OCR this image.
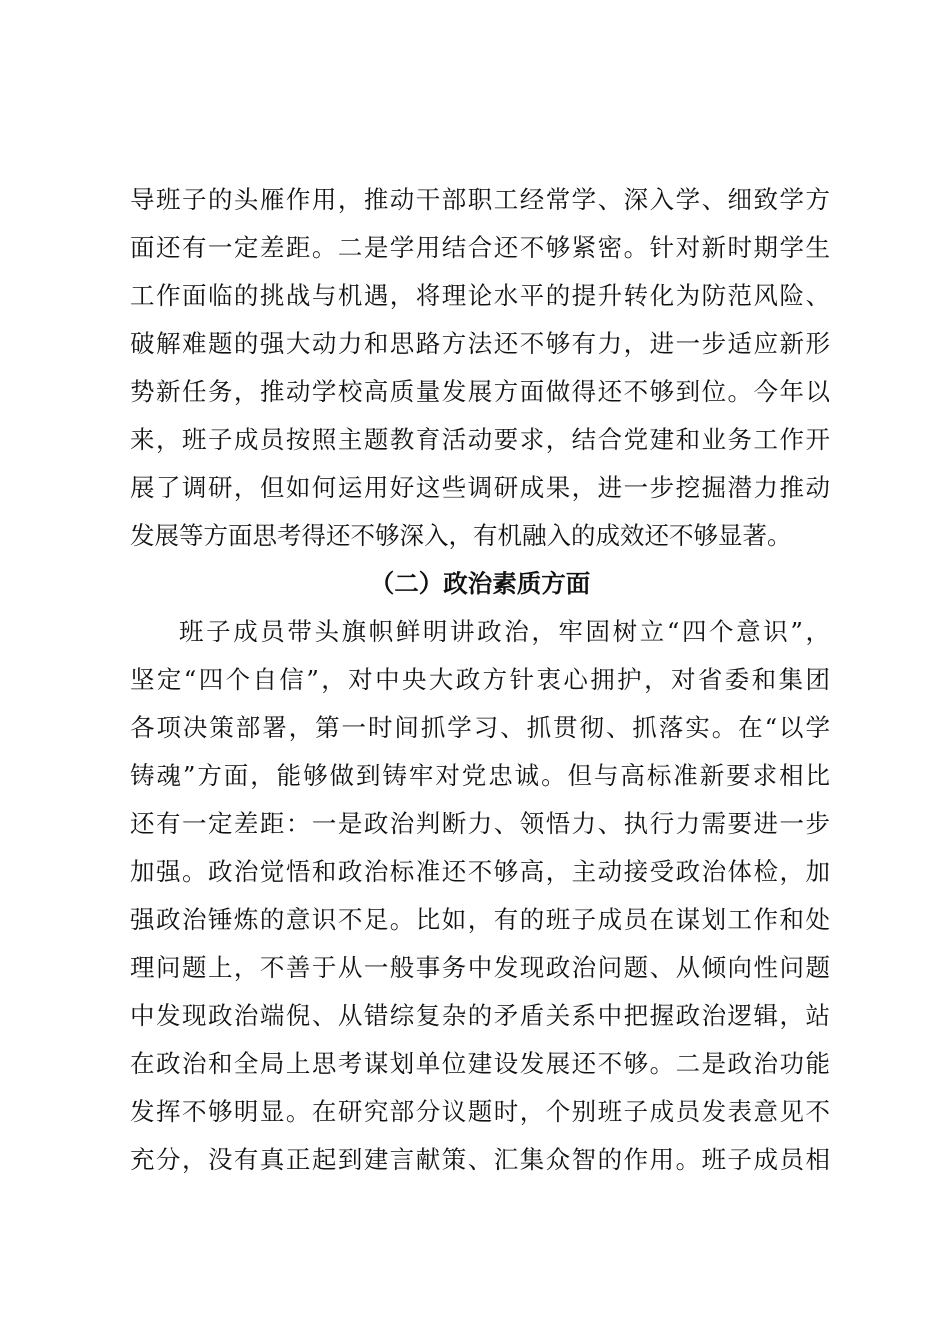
导班子的头雁作用，推动干部职工经常学、深入学、细致学方
面还有一定差距。二是学用结合还不够紧密。针对新时期学生
工作面临的挑战与机遇，将理论水平的提升转化为防范风险、
破解难题的强大动力和思路方法还不够有力，进一步适应新形
势新任务，推动学校高质量发展方面做得还不够到位。今年以
来，班子成员按照主题教育活动要求，结合党建和业务工作开
展了调研，但如何运用好这些调研成果，进一步挖掘潜力推动
发展等方面思考得还不够深入，有机融入的成效还不够显著。
（二）政治素质方面
班子成员带头旗帜鲜明讲政治，牢固树立“四个意识”，
坚定“四个自信”，对中央大政方针衷心拥护，对省委和集团
各项决策部署，第一时间抓学习、抓贯彻、抓落实。在“以学
铸魂”方面，能够做到铸牢对党忠诚。但与高标准新要求相比
还有一定差距：一是政治判断力、领悟力、执行力需要进一步
加强。政治觉悟和政治标准还不够高，主动接受政治体检，加
强政治锤炼的意识不足。比如，有的班子成员在谋划工作和处
理问题上，不善于从一般事务中发现政治问题、从倾向性问题
中发现政治端倪、从错综复杂的矛盾关系中把握政治逻辑，站
在政治和全局上思考谋划单位建设发展还不够。二是政治功能
发挥不够明显。在研究部分议题时，个别班子成员发表意见不
充分，没有真正起到建言献策、汇集众智的作用。班子成员相
